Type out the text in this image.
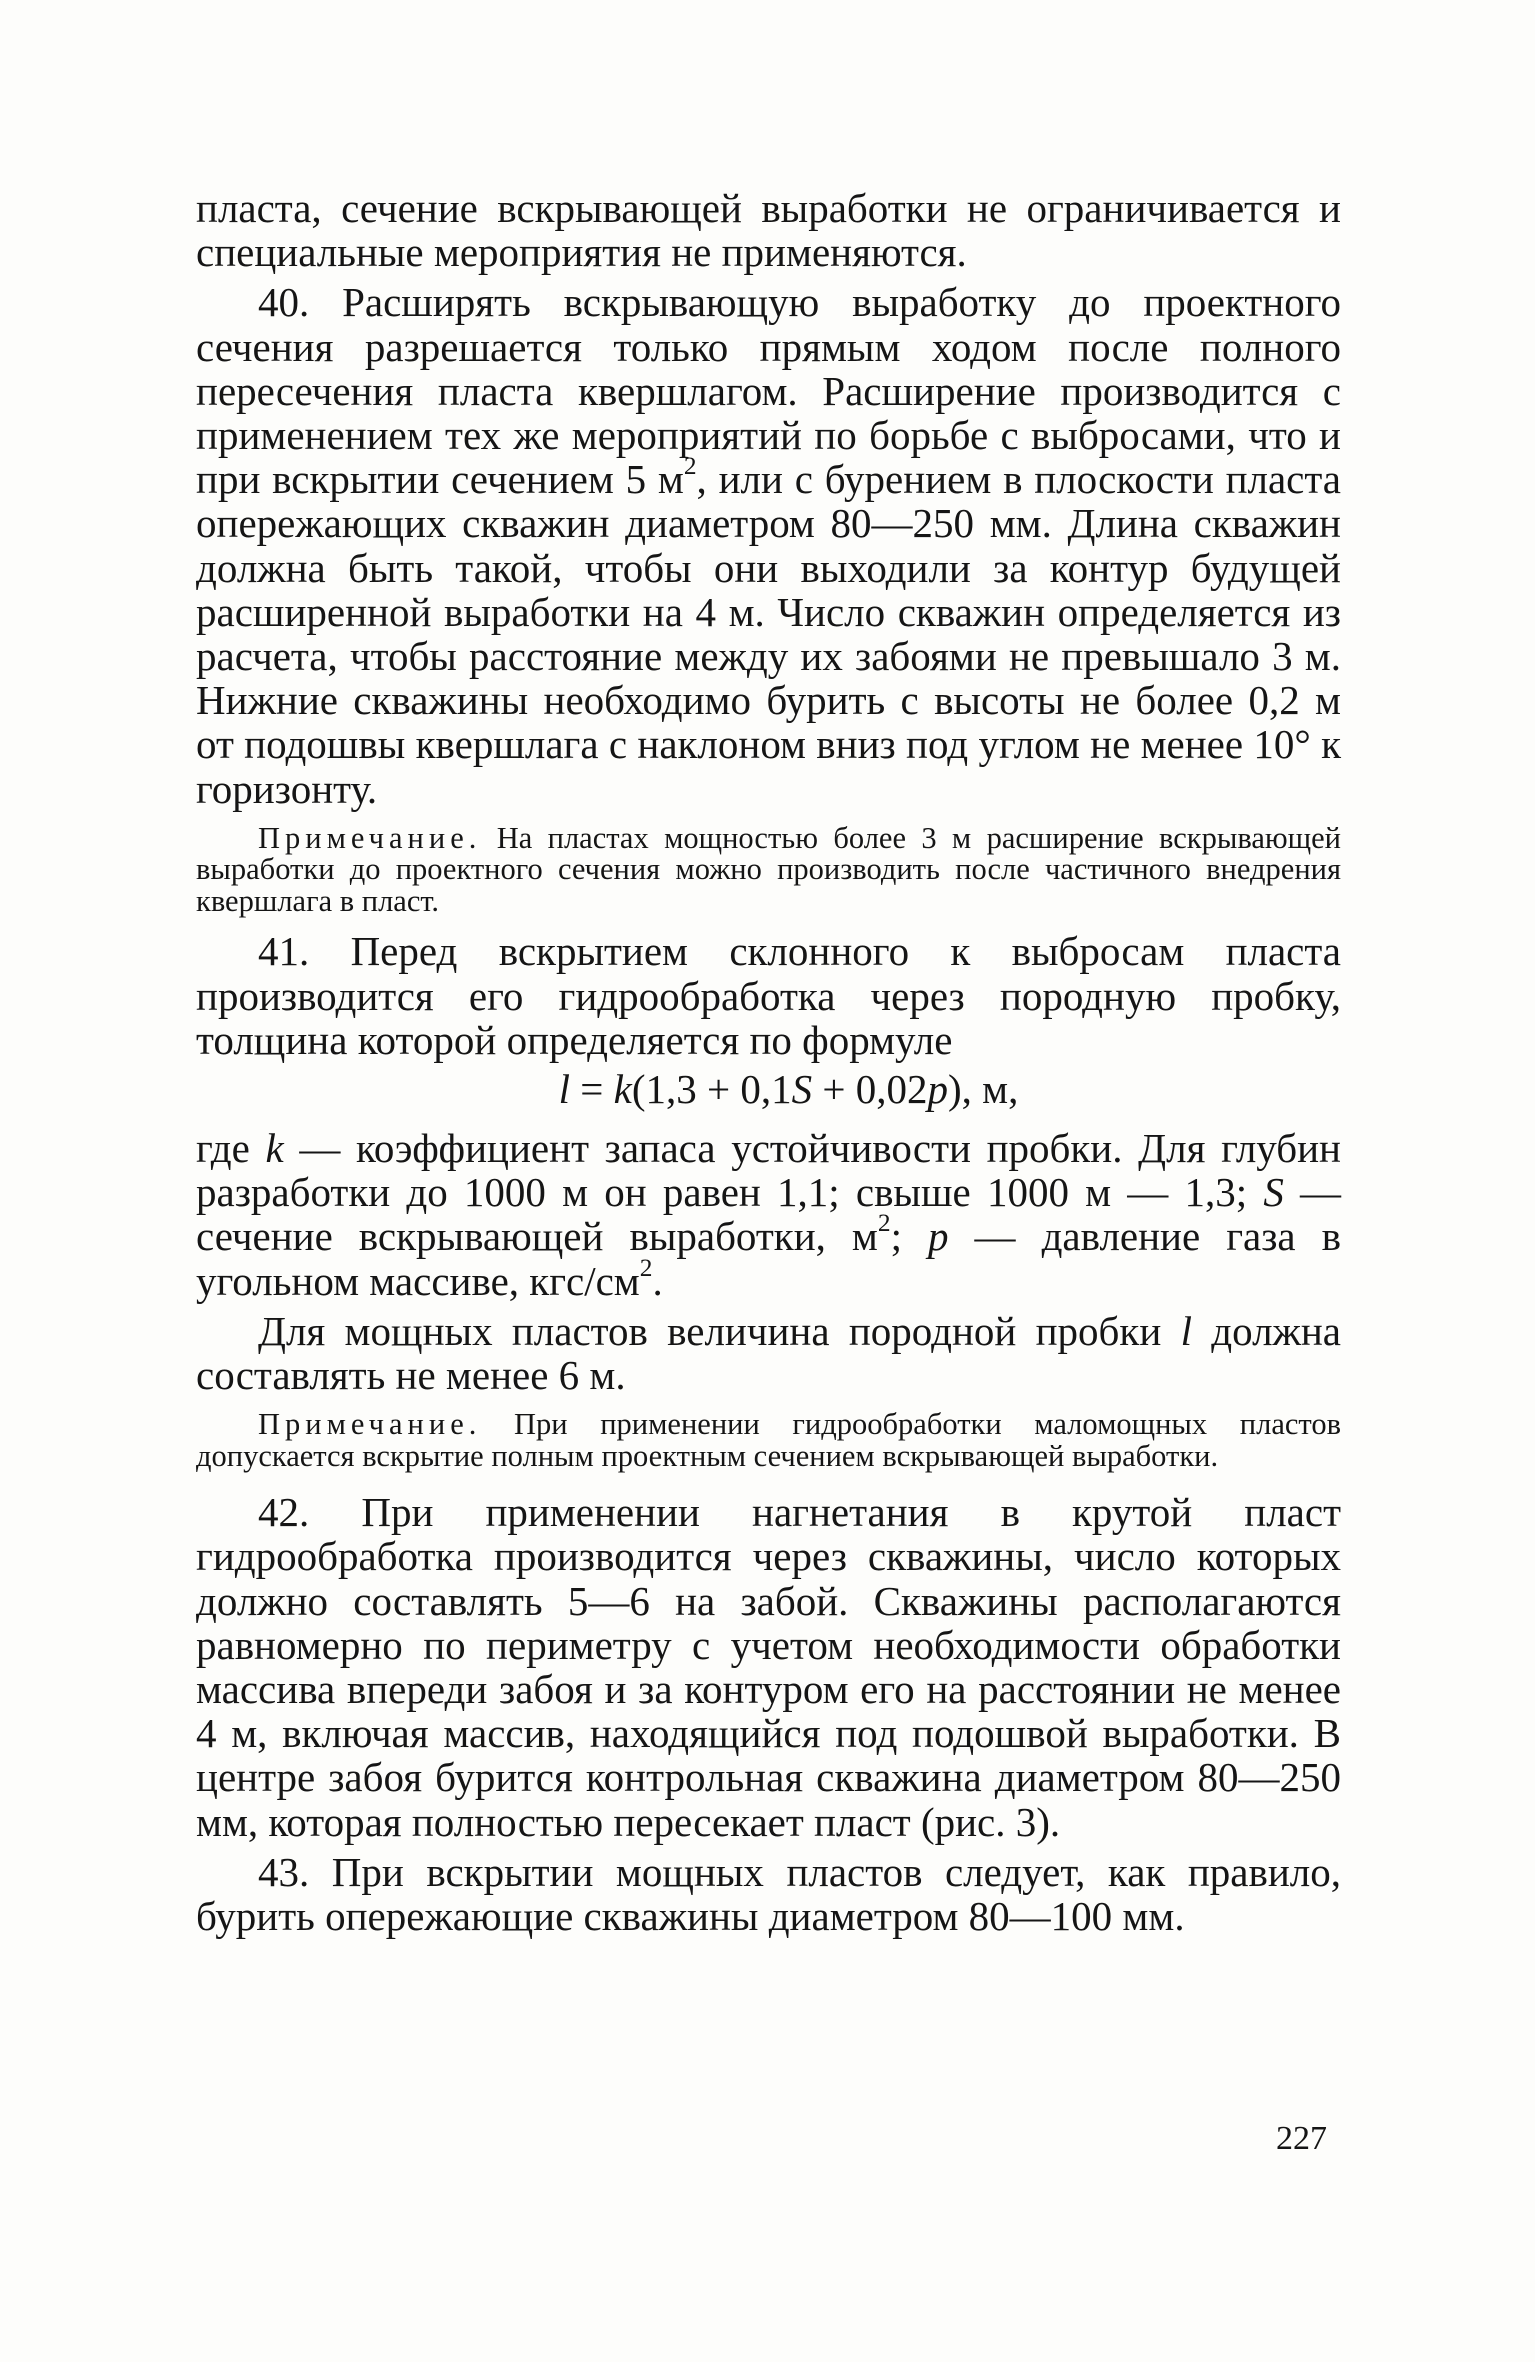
пласта, сечение вскрывающей выработки не ограничивается и специальные мероприятия не применяются.

40. Расширять вскрывающую выработку до проектного сечения разрешается только прямым ходом после полного пересечения пласта квершлагом. Расширение производится с применением тех же мероприятий по борьбе с выбросами, что и при вскрытии сечением 5 $м^2$, или с бурением в плоскости пласта опережающих скважин диаметром 80—250 мм. Длина скважин должна быть такой, чтобы они выходили за контур будущей расширенной выработки на 4 м. Число скважин определяется из расчета, чтобы расстояние между их забоями не превышало 3 м. Нижние скважины необходимо бурить с высоты не более 0,2 м от подошвы квершлага с наклоном вниз под углом не менее 10° к горизонту.

Примечание. На пластах мощностью более 3 м расширение вскрывающей выработки до проектного сечения можно производить после частичного внедрения квершлага в пласт.

41. Перед вскрытием склонного к выбросам пласта производится его гидрообработка через породную пробку, толщина которой определяется по формуле

l = k(1,3 + 0,1S + 0,02p), м,

где k — коэффициент запаса устойчивости пробки. Для глубин разработки до 1000 м он равен 1,1; свыше 1000 м — 1,3; S — сечение вскрывающей выработки, $м^2$; p — давление газа в угольном массиве, кгс/$см^2$.

Для мощных пластов величина породной пробки l должна составлять не менее 6 м.

Примечание. При применении гидрообработки маломощных пластов допускается вскрытие полным проектным сечением вскрывающей выработки.

42. При применении нагнетания в крутой пласт гидрообработка производится через скважины, число которых должно составлять 5—6 на забой. Скважины располагаются равномерно по периметру с учетом необходимости обработки массива впереди забоя и за контуром его на расстоянии не менее 4 м, включая массив, находящийся под подошвой выработки. В центре забоя бурится контрольная скважина диаметром 80—250 мм, которая полностью пересекает пласт (рис. 3).

43. При вскрытии мощных пластов следует, как правило, бурить опережающие скважины диаметром 80—100 мм.

227
